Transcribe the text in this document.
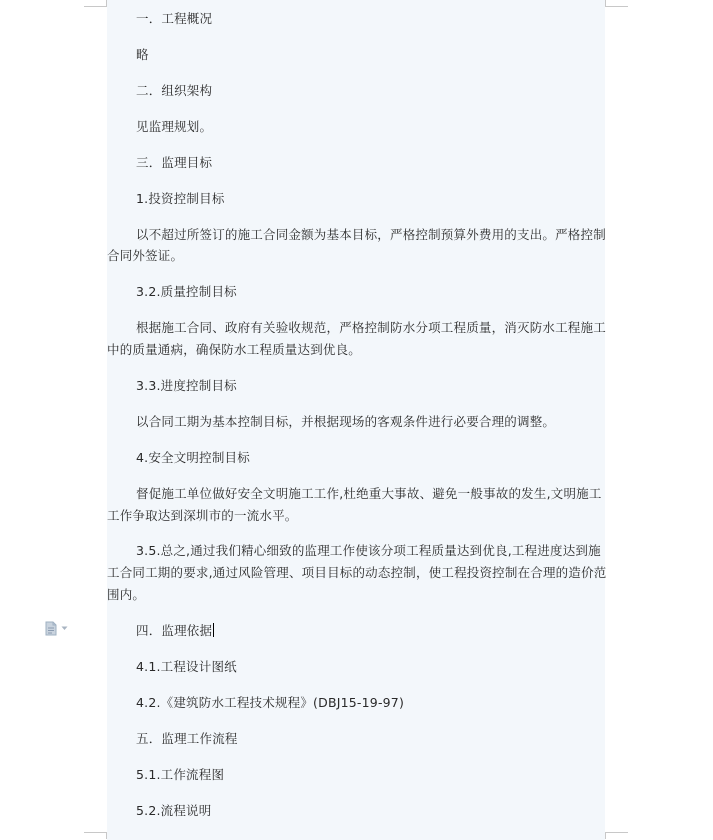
一．工程概况
略
二．组织架构
见监理规划。
三．监理目标
1.投资控制目标
以不超过所签订的施工合同金额为基本目标，严格控制预算外费用的支出。严格控制
合同外签证。
3.2.质量控制目标
根据施工合同、政府有关验收规范，严格控制防水分项工程质量，消灭防水工程施工
中的质量通病，确保防水工程质量达到优良。
3.3.进度控制目标
以合同工期为基本控制目标，并根据现场的客观条件进行必要合理的调整。
4.安全文明控制目标
督促施工单位做好安全文明施工工作,杜绝重大事故、避免一般事故的发生,文明施工
工作争取达到深圳市的一流水平。
3.5.总之,通过我们精心细致的监理工作使该分项工程质量达到优良,工程进度达到施
工合同工期的要求,通过风险管理、项目目标的动态控制，使工程投资控制在合理的造价范
围内。
四．监理依据
4.1.工程设计图纸
4.2.《建筑防水工程技术规程》(DBJ15-19-97)
五．监理工作流程
5.1.工作流程图
5.2.流程说明
